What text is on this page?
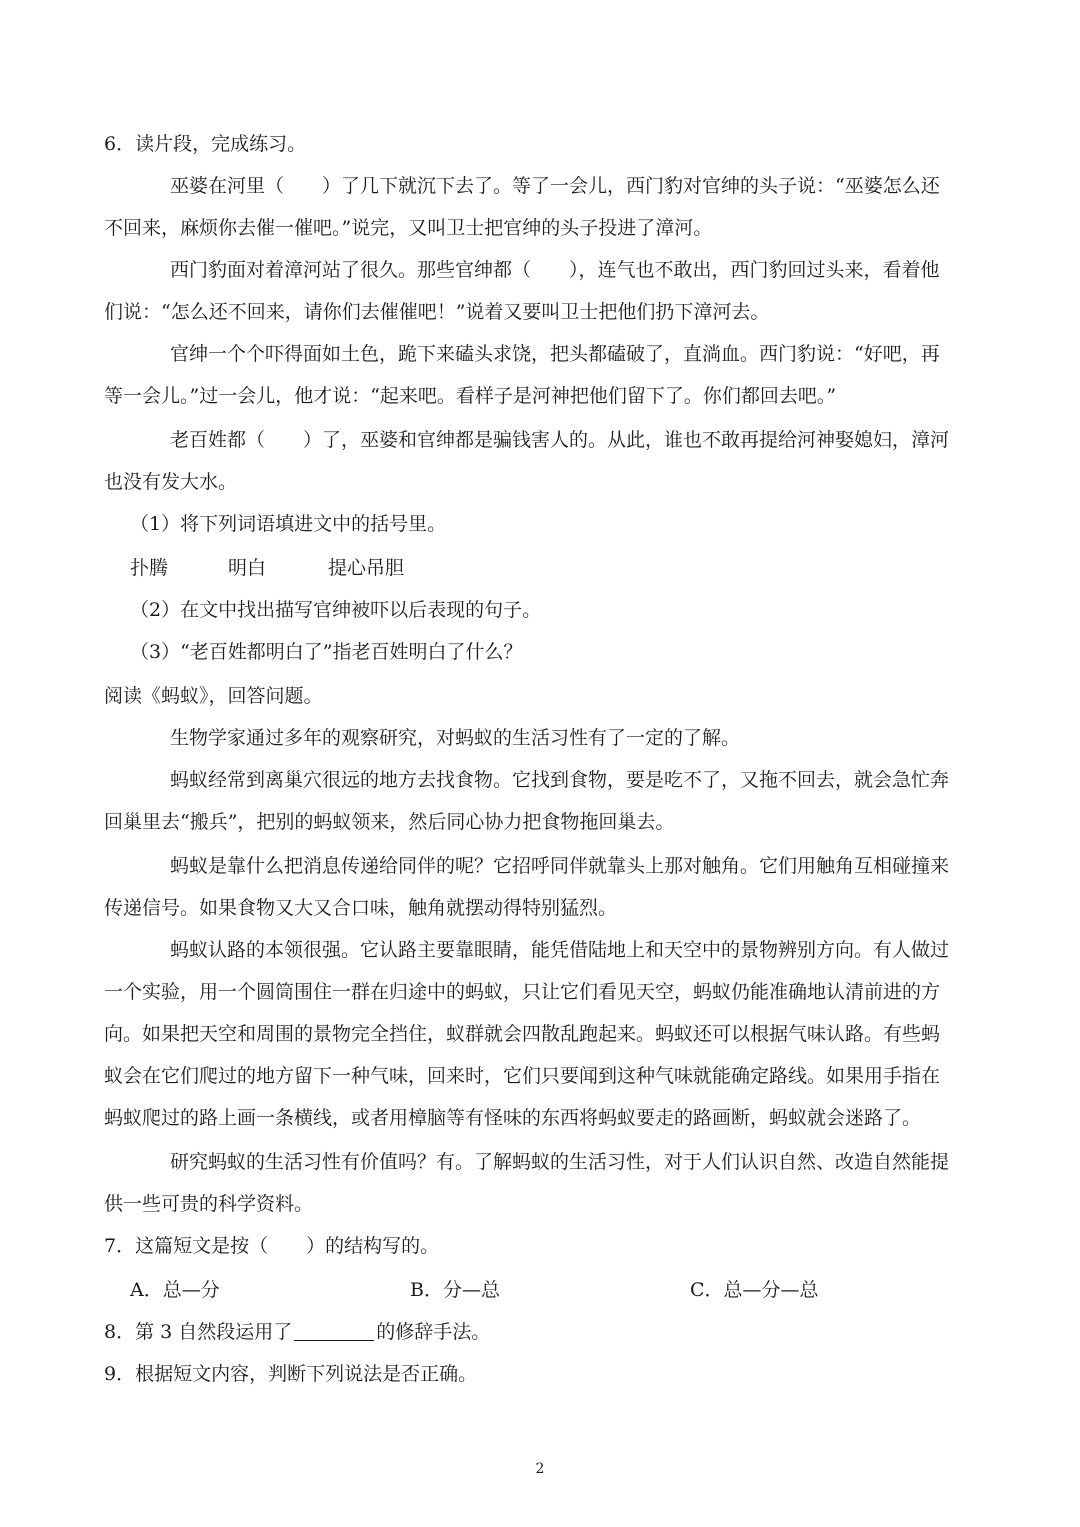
6．读片段，完成练习。

巫婆在河里（　　）了几下就沉下去了。等了一会儿，西门豹对官绅的头子说：“巫婆怎么还

不回来，麻烦你去催一催吧。”说完，又叫卫士把官绅的头子投进了漳河。

西门豹面对着漳河站了很久。那些官绅都（　　），连气也不敢出，西门豹回过头来，看着他

们说：“怎么还不回来，请你们去催催吧！”说着又要叫卫士把他们扔下漳河去。

官绅一个个吓得面如土色，跪下来磕头求饶，把头都磕破了，直淌血。西门豹说：“好吧，再

等一会儿。”过一会儿，他才说：“起来吧。看样子是河神把他们留下了。你们都回去吧。”

老百姓都（　　）了，巫婆和官绅都是骗钱害人的。从此，谁也不敢再提给河神娶媳妇，漳河

也没有发大水。

（1）将下列词语填进文中的括号里。

扑腾	明白	提心吊胆

（2）在文中找出描写官绅被吓以后表现的句子。

（3）“老百姓都明白了”指老百姓明白了什么？

阅读《蚂蚁》，回答问题。

生物学家通过多年的观察研究，对蚂蚁的生活习性有了一定的了解。

蚂蚁经常到离巢穴很远的地方去找食物。它找到食物，要是吃不了，又拖不回去，就会急忙奔

回巢里去“搬兵”，把别的蚂蚁领来，然后同心协力把食物拖回巢去。

蚂蚁是靠什么把消息传递给同伴的呢？它招呼同伴就靠头上那对触角。它们用触角互相碰撞来

传递信号。如果食物又大又合口味，触角就摆动得特别猛烈。

蚂蚁认路的本领很强。它认路主要靠眼睛，能凭借陆地上和天空中的景物辨别方向。有人做过

一个实验，用一个圆筒围住一群在归途中的蚂蚁，只让它们看见天空，蚂蚁仍能准确地认清前进的方

向。如果把天空和周围的景物完全挡住，蚁群就会四散乱跑起来。蚂蚁还可以根据气味认路。有些蚂

蚁会在它们爬过的地方留下一种气味，回来时，它们只要闻到这种气味就能确定路线。如果用手指在

蚂蚁爬过的路上画一条横线，或者用樟脑等有怪味的东西将蚂蚁要走的路画断，蚂蚁就会迷路了。

研究蚂蚁的生活习性有价值吗？有。了解蚂蚁的生活习性，对于人们认识自然、改造自然能提

供一些可贵的科学资料。

7．这篇短文是按（　　）的结构写的。

A．总—分	B．分—总	C．总—分—总

8．第 3 自然段运用了	的修辞手法。

9．根据短文内容，判断下列说法是否正确。

2
